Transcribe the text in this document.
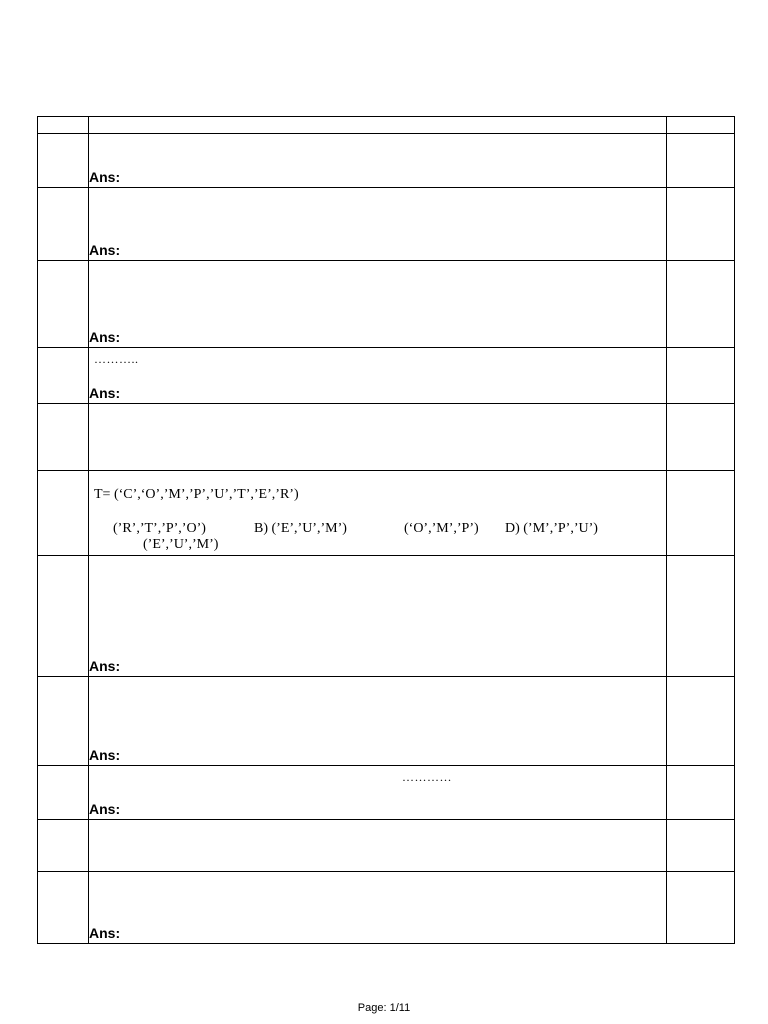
Ans:
Ans:
Ans:
………..
Ans:
T= (‘C’,‘O’,’M’,’P’,’U’,’T’,’E’,’R’)
(’R’,’T’,’P’,’O’)	B) (’E’,’U’,’M’)	(‘O’,’M’,’P’) D) (’M’,’P’,’U’)
(’E’,’U’,’M’)
Ans:
Ans:
…………
Ans:
Ans:
Page: 1/11
